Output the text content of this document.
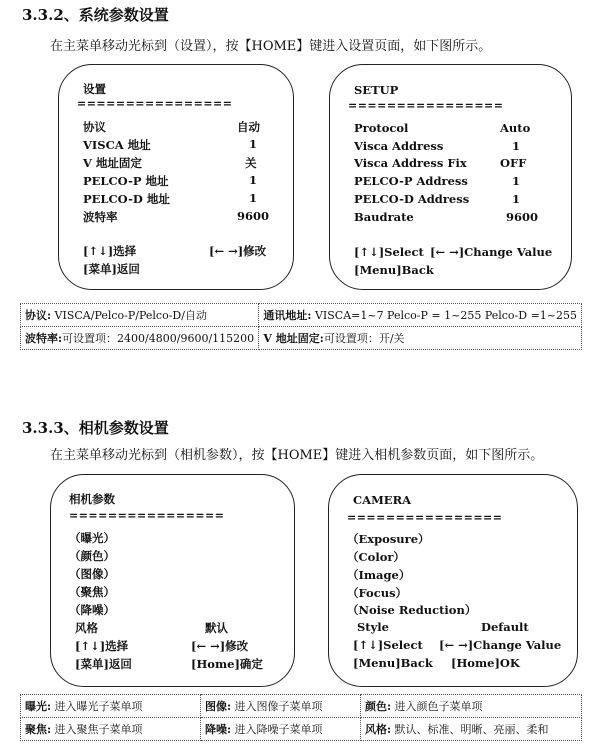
3.3.2、系统参数设置
在主菜单移动光标到（设置），按【HOME】键进入设置页面，如下图所示。
设置
================
协议	自动
VISCA 地址	1
V 地址固定	关
PELCO-P 地址	1
PELCO-D 地址	1
波特率	9600
[↑↓]选择	[← →]修改
[菜单]返回
SETUP
================
Protocol	Auto
Visca Address	1
Visca Address Fix	OFF
PELCO-P Address	1
PELCO-D Address	1
Baudrate	9600
[↑↓]Select [← →]Change Value
[Menu]Back
协议: VISCA/Pelco-P/Pelco-D/自动	通讯地址: VISCA=1~7 Pelco-P = 1~255 Pelco-D =1~255
波特率:可设置项：2400/4800/9600/115200	V 地址固定:可设置项：开/关
3.3.3、相机参数设置
在主菜单移动光标到（相机参数），按【HOME】键进入相机参数页面，如下图所示。
相机参数
================
（曝光）
（颜色）
（图像）
（聚焦）
（降噪）
风格	默认
[↑↓]选择	[← →]修改
[菜单]返回	[Home]确定
CAMERA
================
（Exposure）
（Color）
（Image）
（Focus）
（Noise Reduction）
Style	Default
[↑↓]Select [← →]Change Value
[Menu]Back [Home]OK
曝光: 进入曝光子菜单项	图像: 进入图像子菜单项	颜色: 进入颜色子菜单项
聚焦: 进入聚焦子菜单项	降噪: 进入降噪子菜单项	风格: 默认、标准、明晰、亮丽、柔和
